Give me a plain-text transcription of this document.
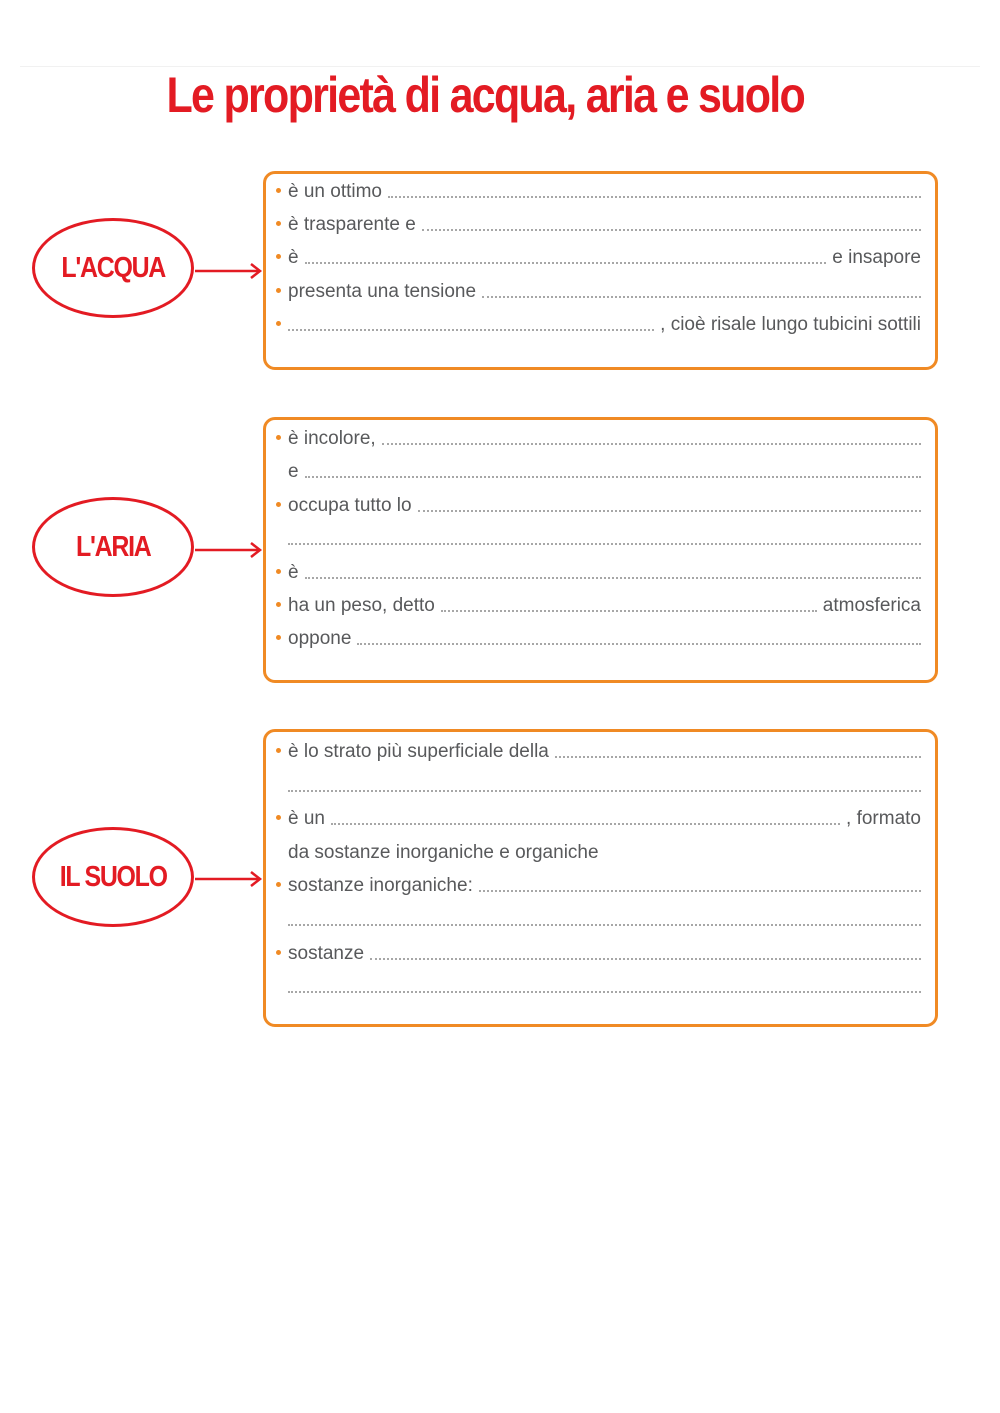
Le proprietà di acqua, aria e suolo
L'ACQUA
è un ottimo
è trasparente e
è	e insapore
presenta una tensione
, cioè risale lungo tubicini sottili
L'ARIA
è incolore,
e
occupa tutto lo
è
ha un peso, detto	atmosferica
oppone
IL SUOLO
è lo strato più superficiale della
è un	, formato
da sostanze inorganiche e organiche
sostanze inorganiche:
sostanze
